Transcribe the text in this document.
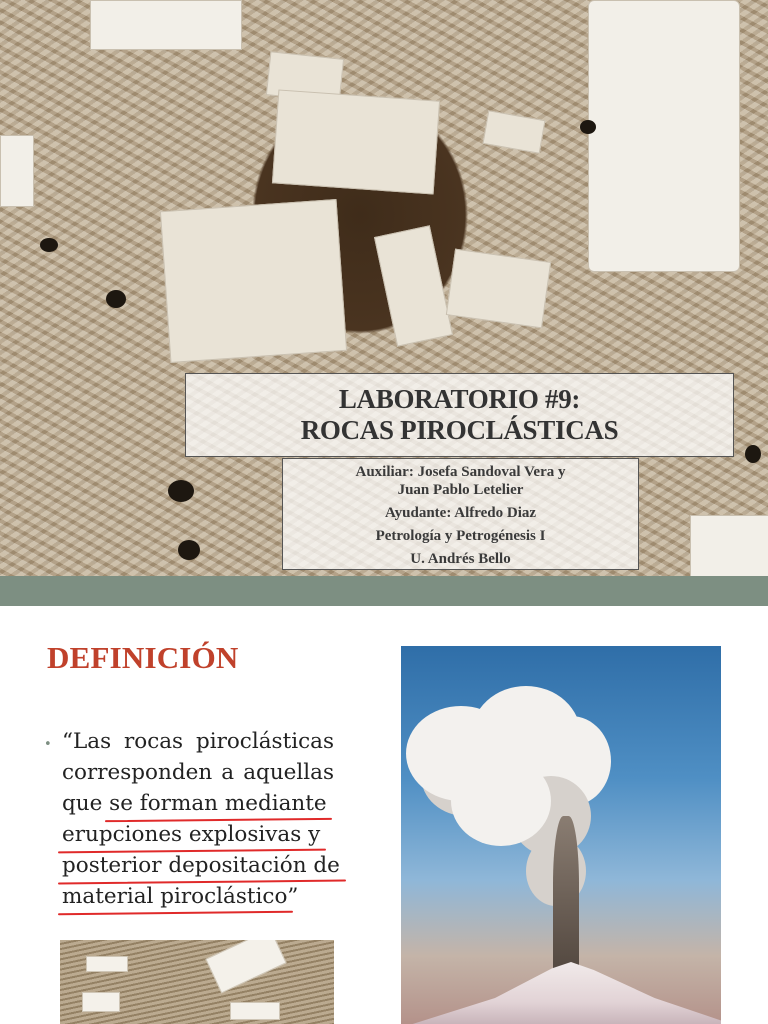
LABORATORIO #9:
ROCAS PIROCLÁSTICAS
Auxiliar: Josefa Sandoval Vera y
Juan Pablo Letelier
Ayudante: Alfredo Diaz
Petrología y Petrogénesis I
U. Andrés Bello
DEFINICIÓN
• “Las rocas piroclásticas
corresponden a aquellas
que se forman mediante
erupciones explosivas y
posterior depositación de
material piroclástico”
